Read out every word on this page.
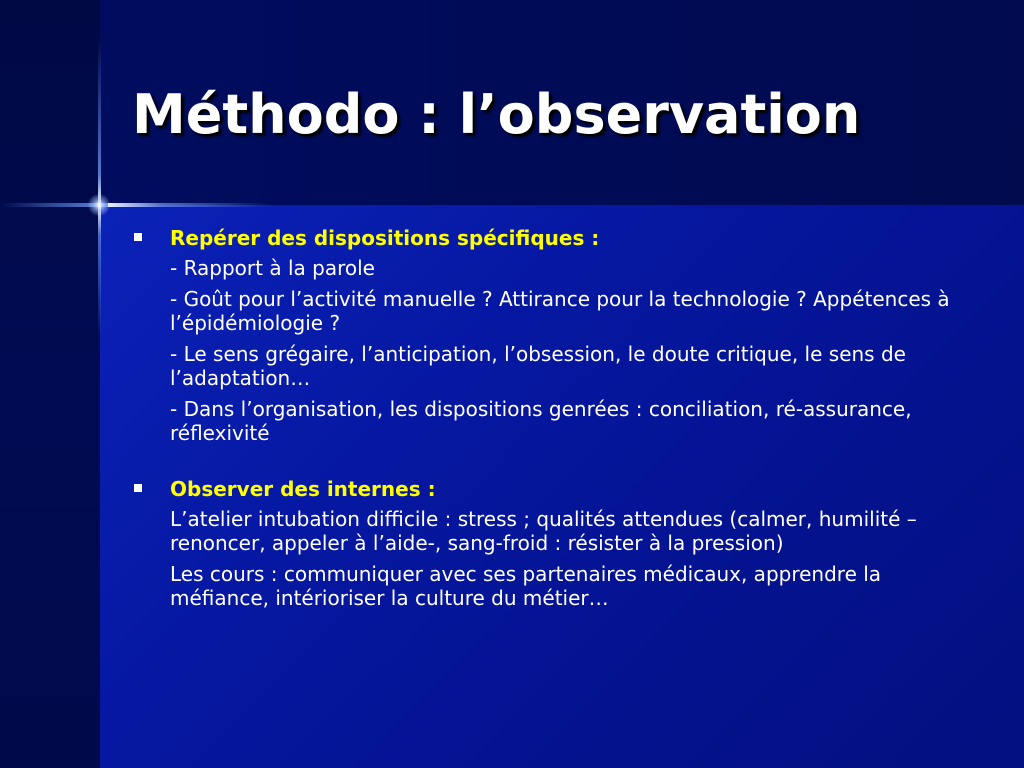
Méthodo : l’observation
Repérer des dispositions spécifiques :
- Rapport à la parole
- Goût pour l’activité manuelle ? Attirance pour la technologie ? Appétences à l’épidémiologie ?
- Le sens grégaire, l’anticipation, l’obsession, le doute critique, le sens de l’adaptation…
- Dans l’organisation, les dispositions genrées : conciliation, ré-assurance, réflexivité
Observer des internes :
L’atelier intubation difficile : stress ; qualités attendues (calmer, humilité –renoncer, appeler à l’aide-, sang-froid : résister à la pression)
Les cours : communiquer avec ses partenaires médicaux, apprendre la méfiance, intérioriser la culture du métier…
